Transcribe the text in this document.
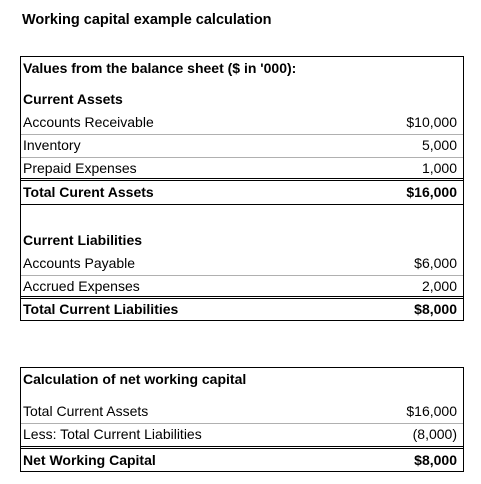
Working capital example calculation
Values from the balance sheet ($ in '000):
Current Assets
Accounts Receivable	$10,000
Inventory	5,000
Prepaid Expenses	1,000
Total Curent Assets	$16,000
Current Liabilities
Accounts Payable	$6,000
Accrued Expenses	2,000
Total Current Liabilities	$8,000
Calculation of net working capital
Total Current Assets	$16,000
Less: Total Current Liabilities	(8,000)
Net Working Capital	$8,000
